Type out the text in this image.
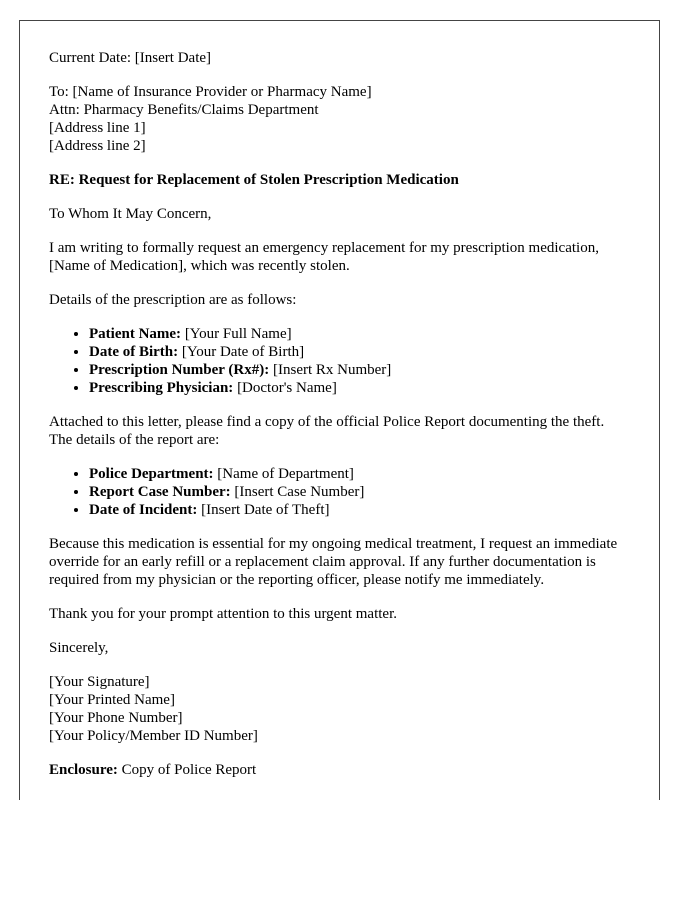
Current Date: [Insert Date]

To: [Name of Insurance Provider or Pharmacy Name]
Attn: Pharmacy Benefits/Claims Department
[Address line 1]
[Address line 2]

RE: Request for Replacement of Stolen Prescription Medication

To Whom It May Concern,

I am writing to formally request an emergency replacement for my prescription medication, [Name of Medication], which was recently stolen.

Details of the prescription are as follows:

• Patient Name: [Your Full Name]
• Date of Birth: [Your Date of Birth]
• Prescription Number (Rx#): [Insert Rx Number]
• Prescribing Physician: [Doctor's Name]

Attached to this letter, please find a copy of the official Police Report documenting the theft. The details of the report are:

• Police Department: [Name of Department]
• Report Case Number: [Insert Case Number]
• Date of Incident: [Insert Date of Theft]

Because this medication is essential for my ongoing medical treatment, I request an immediate override for an early refill or a replacement claim approval. If any further documentation is required from my physician or the reporting officer, please notify me immediately.

Thank you for your prompt attention to this urgent matter.

Sincerely,

[Your Signature]
[Your Printed Name]
[Your Phone Number]
[Your Policy/Member ID Number]

Enclosure: Copy of Police Report
